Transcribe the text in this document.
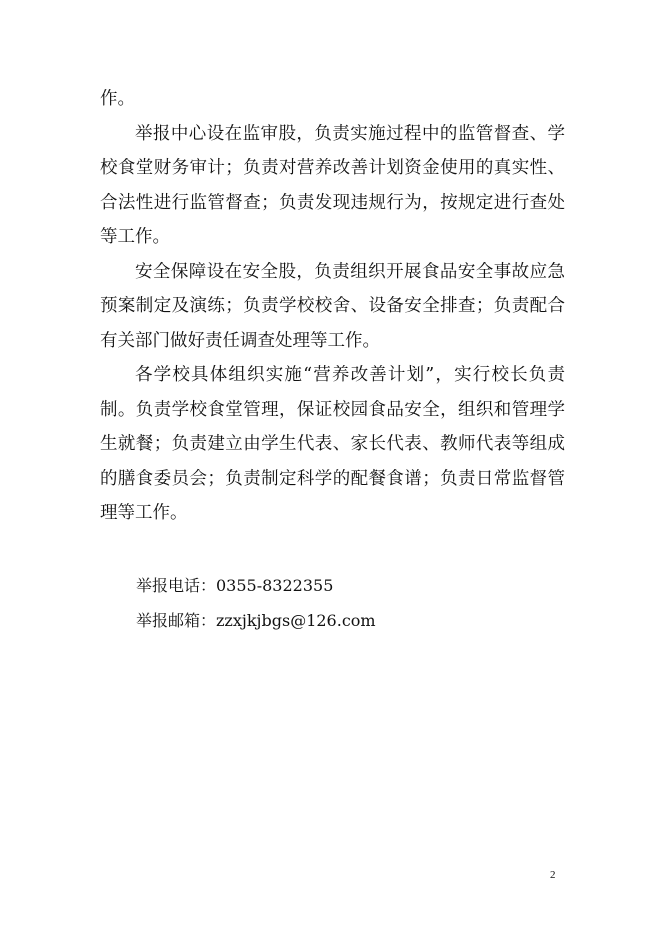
作。

举报中心设在监审股，负责实施过程中的监管督查、学校食堂财务审计；负责对营养改善计划资金使用的真实性、合法性进行监管督查；负责发现违规行为，按规定进行查处等工作。

安全保障设在安全股，负责组织开展食品安全事故应急预案制定及演练；负责学校校舍、设备安全排查；负责配合有关部门做好责任调查处理等工作。

各学校具体组织实施“营养改善计划”，实行校长负责制。负责学校食堂管理，保证校园食品安全，组织和管理学生就餐；负责建立由学生代表、家长代表、教师代表等组成的膳食委员会；负责制定科学的配餐食谱；负责日常监督管理等工作。

举报电话：0355-8322355

举报邮箱：zzxjkjbgs@126.com

2
